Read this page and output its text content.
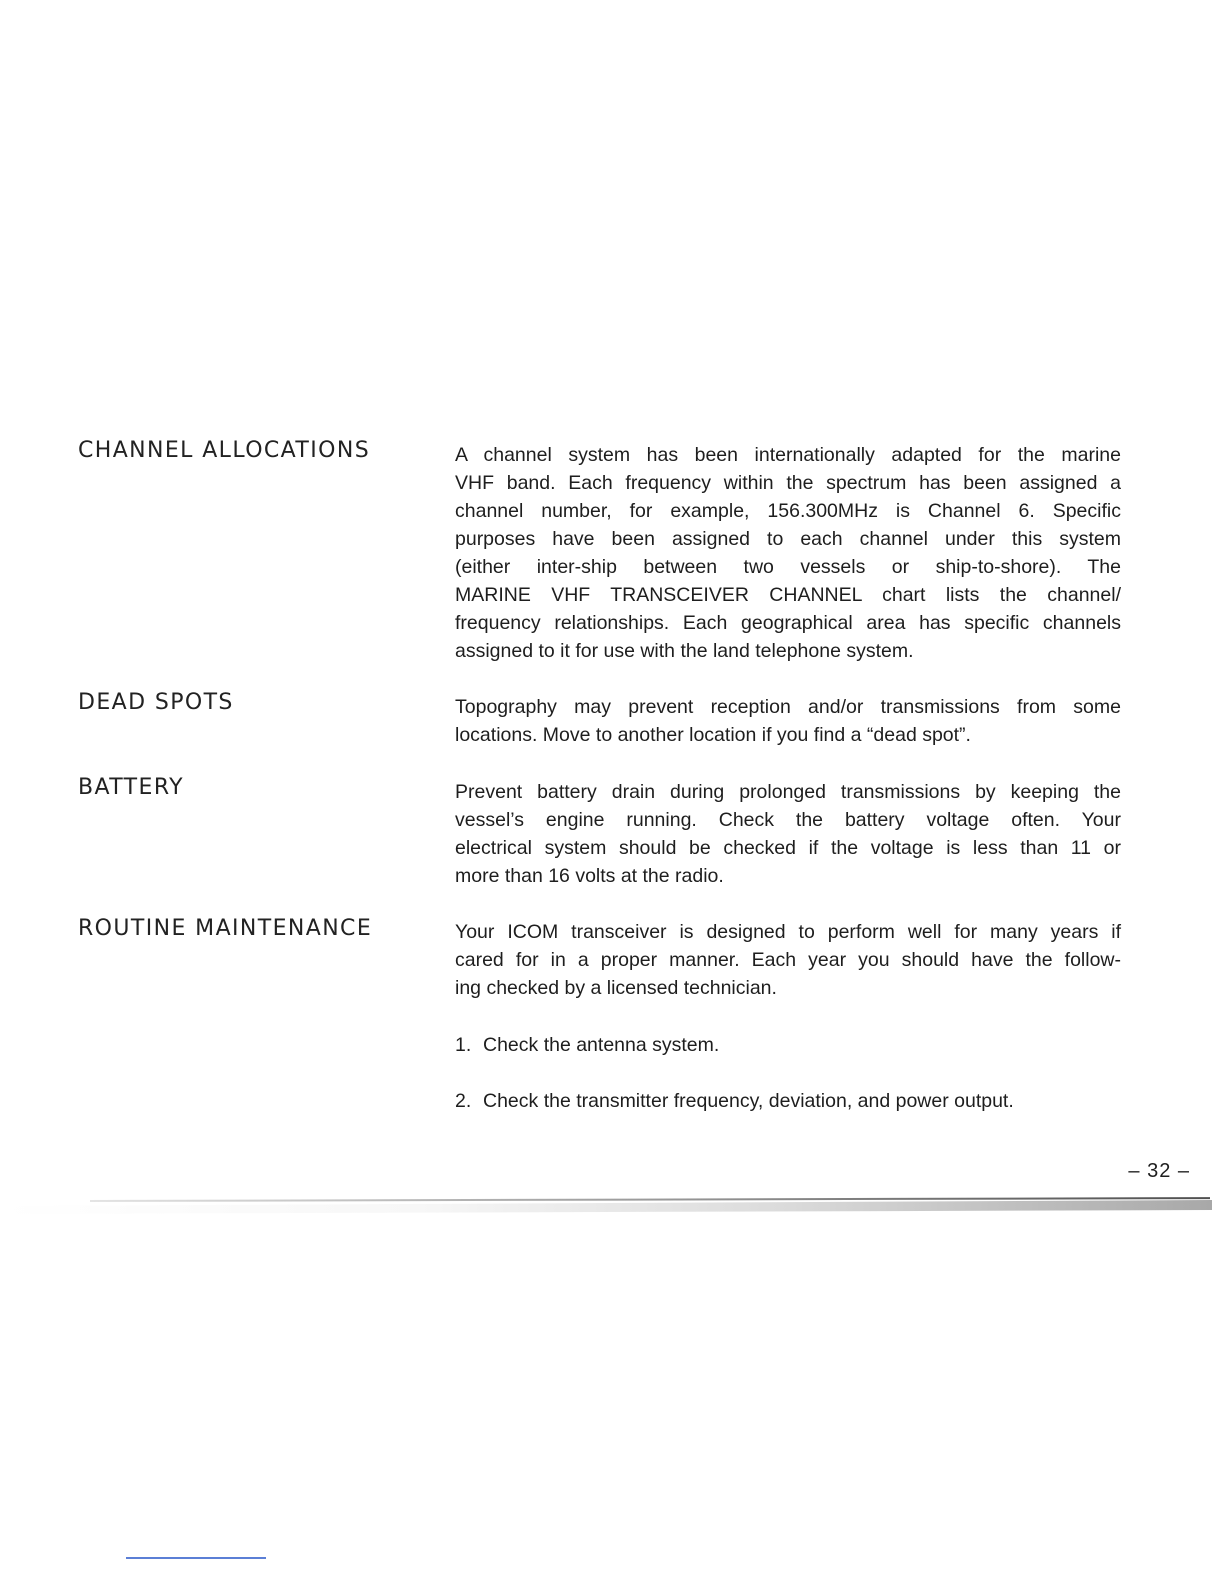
CHANNEL ALLOCATIONS	A channel system has been internationally adapted for the marine
VHF band. Each frequency within the spectrum has been assigned a
channel number, for example, 156.300MHz is Channel 6. Specific
purposes have been assigned to each channel under this system
(either inter-ship between two vessels or ship-to-shore). The
MARINE VHF TRANSCEIVER CHANNEL chart lists the channel/
frequency relationships. Each geographical area has specific channels
assigned to it for use with the land telephone system.
DEAD SPOTS	Topography may prevent reception and/or transmissions from some
locations. Move to another location if you find a “dead spot”.
BATTERY	Prevent battery drain during prolonged transmissions by keeping the
vessel’s engine running. Check the battery voltage often. Your
electrical system should be checked if the voltage is less than 11 or
more than 16 volts at the radio.
ROUTINE MAINTENANCE	Your ICOM transceiver is designed to perform well for many years if
cared for in a proper manner. Each year you should have the follow-
ing checked by a licensed technician.
1. Check the antenna system.
2. Check the transmitter frequency, deviation, and power output.
– 32 –
